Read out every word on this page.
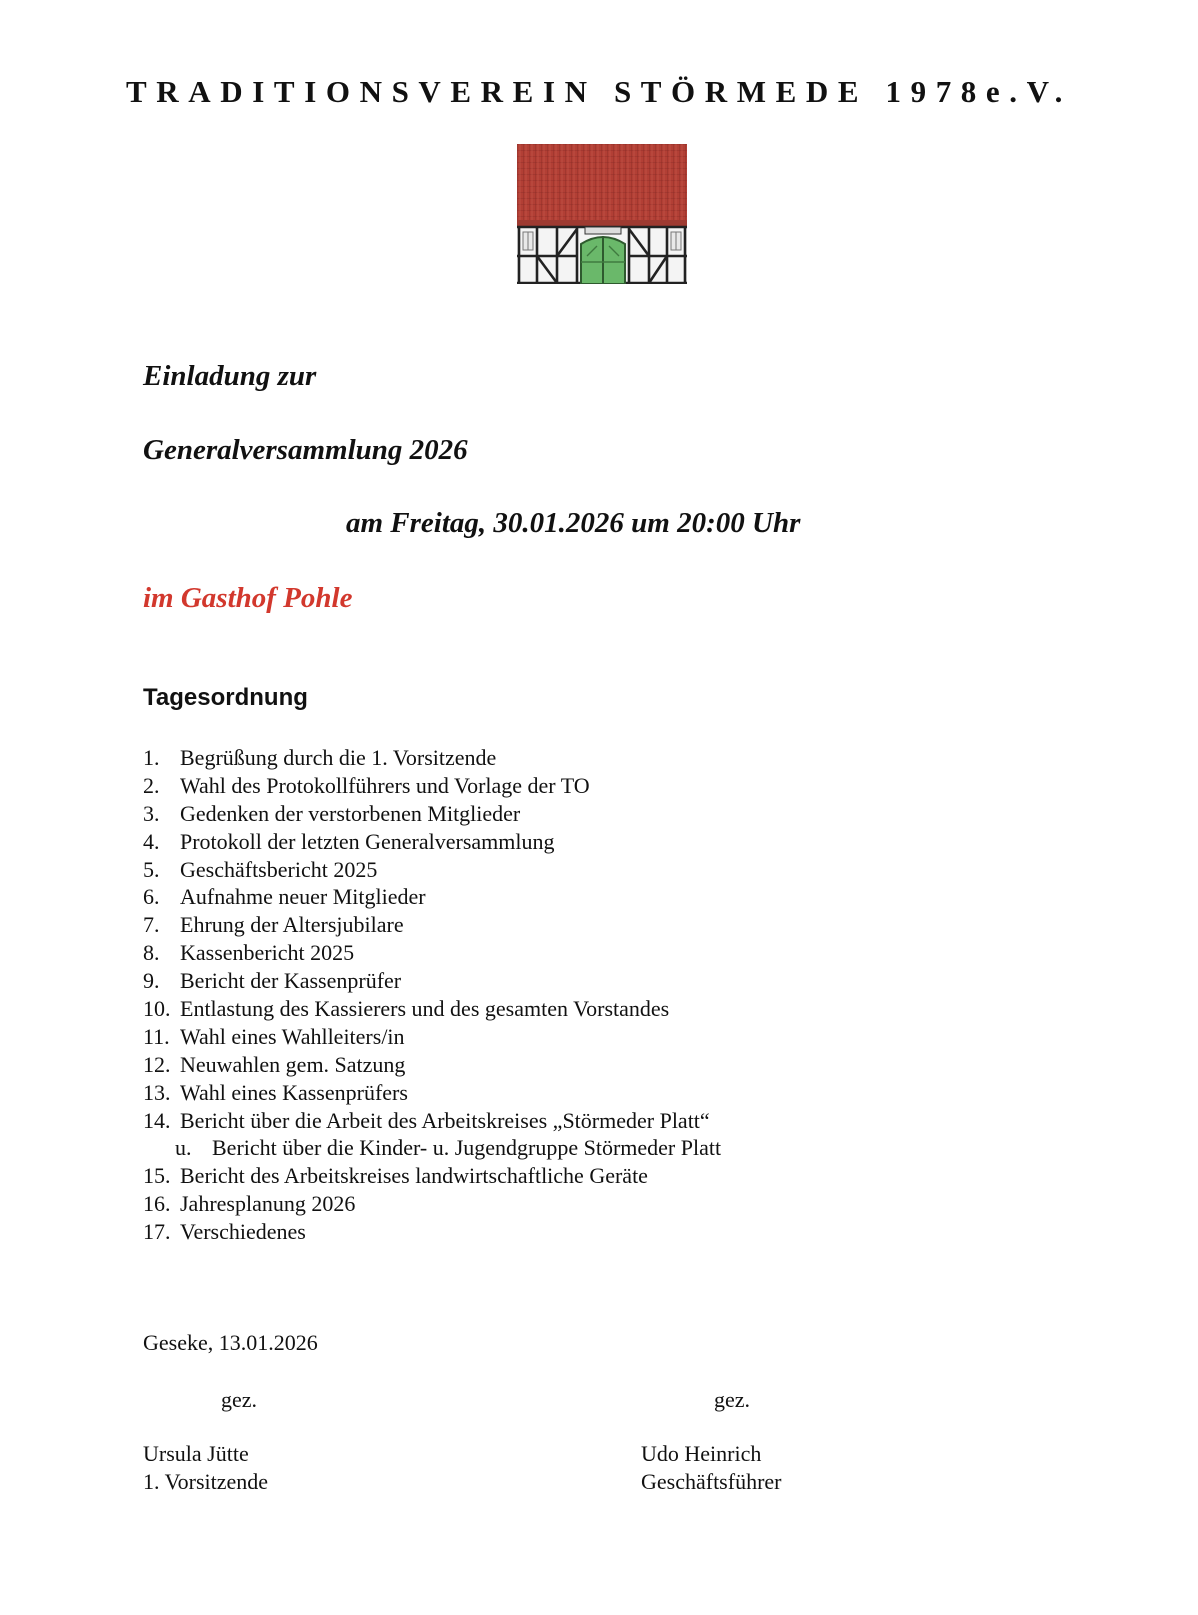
TRADITIONSVEREIN STÖRMEDE 1978e.V.
Einladung zur
Generalversammlung 2026
am Freitag, 30.01.2026 um 20:00 Uhr
im Gasthof Pohle
Tagesordnung
1. Begrüßung durch die 1. Vorsitzende
2. Wahl des Protokollführers und Vorlage der TO
3. Gedenken der verstorbenen Mitglieder
4. Protokoll der letzten Generalversammlung
5. Geschäftsbericht 2025
6. Aufnahme neuer Mitglieder
7. Ehrung der Altersjubilare
8. Kassenbericht 2025
9. Bericht der Kassenprüfer
10. Entlastung des Kassierers und des gesamten Vorstandes
11. Wahl eines Wahlleiters/in
12. Neuwahlen gem. Satzung
13. Wahl eines Kassenprüfers
14. Bericht über die Arbeit des Arbeitskreises „Störmeder Platt“
u. Bericht über die Kinder- u. Jugendgruppe Störmeder Platt
15. Bericht des Arbeitskreises landwirtschaftliche Geräte
16. Jahresplanung 2026
17. Verschiedenes
Geseke, 13.01.2026
gez.	gez.
Ursula Jütte
1. Vorsitzende
Udo Heinrich
Geschäftsführer
